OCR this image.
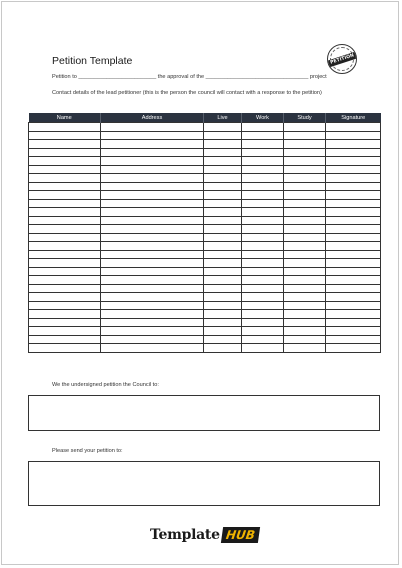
Petition Template	PETITION
Petition to _________________________ the approval of the _________________________________ project
Contact details of the lead petitioner (this is the person the council will contact with a response to the petition)
Name	Address	Live	Work	Study	Signature

We the undersigned petition the Council to:
Please send your petition to:
Template HUB
